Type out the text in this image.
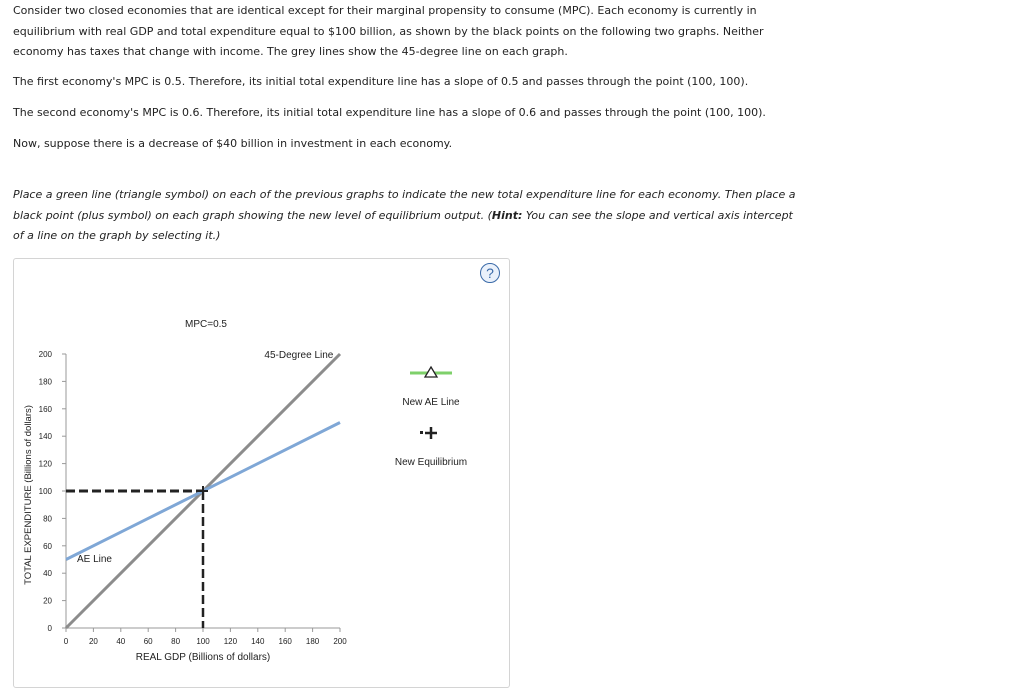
Consider two closed economies that are identical except for their marginal propensity to consume (MPC). Each economy is currently in equilibrium with real GDP and total expenditure equal to $100 billion, as shown by the black points on the following two graphs. Neither economy has taxes that change with income. The grey lines show the 45-degree line on each graph.

The first economy's MPC is 0.5. Therefore, its initial total expenditure line has a slope of 0.5 and passes through the point (100, 100).

The second economy's MPC is 0.6. Therefore, its initial total expenditure line has a slope of 0.6 and passes through the point (100, 100).

Now, suppose there is a decrease of $40 billion in investment in each economy.

Place a green line (triangle symbol) on each of the previous graphs to indicate the new total expenditure line for each economy. Then place a black point (plus symbol) on each graph showing the new level of equilibrium output. (Hint: You can see the slope and vertical axis intercept of a line on the graph by selecting it.)

?
MPC=0.5
0	20 40 60 80 100 120 140 160 180 200
0
20
40
60
80
100
120
140
160
180
200	45-Degree Line
AE Line
REAL GDP (Billions of dollars)
TOTAL EXPENDITURE (Billions of dollars)
New AE Line
New Equilibrium
